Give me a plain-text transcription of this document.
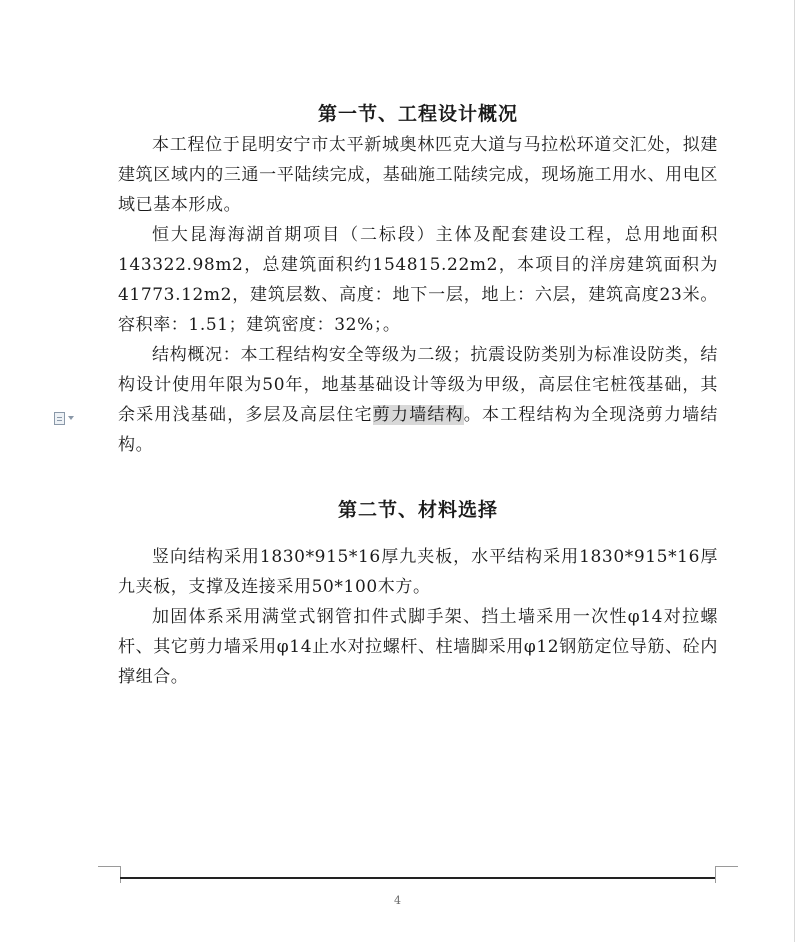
第一节、工程设计概况

本工程位于昆明安宁市太平新城奥林匹克大道与马拉松环道交汇处，拟建建筑区域内的三通一平陆续完成，基础施工陆续完成，现场施工用水、用电区域已基本形成。

恒大昆海海湖首期项目（二标段）主体及配套建设工程，总用地面积143322.98m2，总建筑面积约154815.22m2，本项目的洋房建筑面积为41773.12m2，建筑层数、高度：地下一层，地上：六层，建筑高度23米。容积率：1.51；建筑密度：32%；。

结构概况：本工程结构安全等级为二级；抗震设防类别为标准设防类，结构设计使用年限为50年，地基基础设计等级为甲级，高层住宅桩筏基础，其余采用浅基础，多层及高层住宅剪力墙结构。本工程结构为全现浇剪力墙结构。

第二节、材料选择

竖向结构采用1830*915*16厚九夹板，水平结构采用1830*915*16厚九夹板，支撑及连接采用50*100木方。

加固体系采用满堂式钢管扣件式脚手架、挡土墙采用一次性φ14对拉螺杆、其它剪力墙采用φ14止水对拉螺杆、柱墙脚采用φ12钢筋定位导筋、砼内撑组合。

4
